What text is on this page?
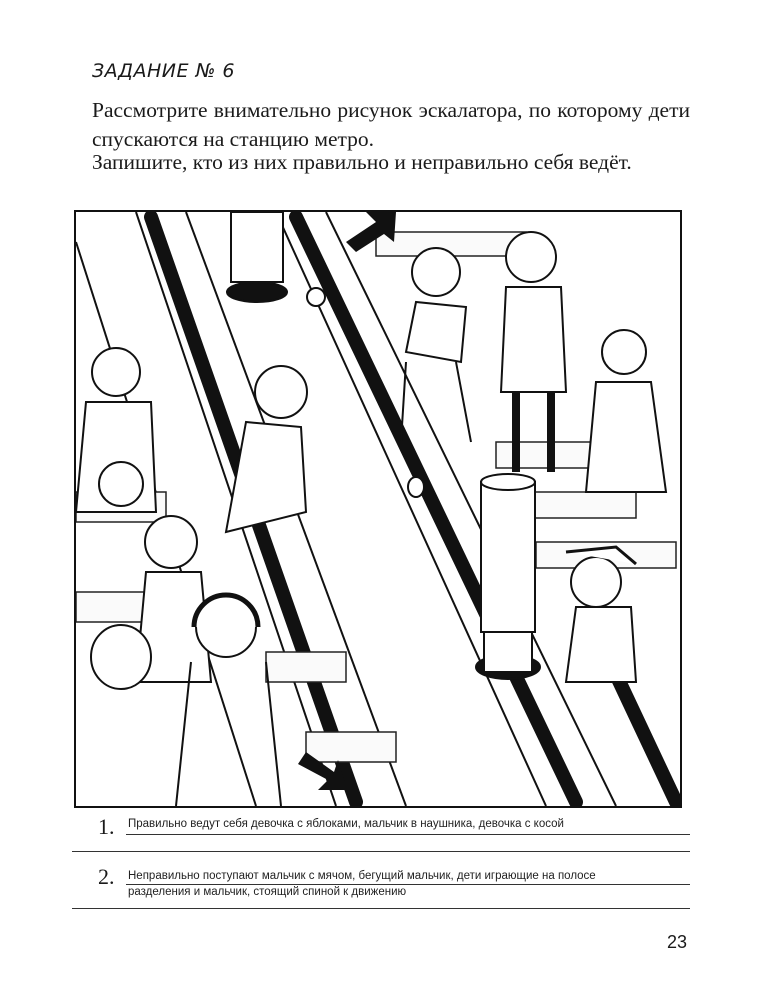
ЗАДАНИЕ № 6
Рассмотрите внимательно рисунок эскалатора, по которому дети спускаются на станцию метро.
Запишите, кто из них правильно и неправильно себя ведёт.
1. Правильно ведут себя девочка с яблоками, мальчик в наушника, девочка с косой
2. Неправильно поступают мальчик с мячом, бегущий мальчик, дети играющие на полосе
разделения и мальчик, стоящий спиной к движению
23
